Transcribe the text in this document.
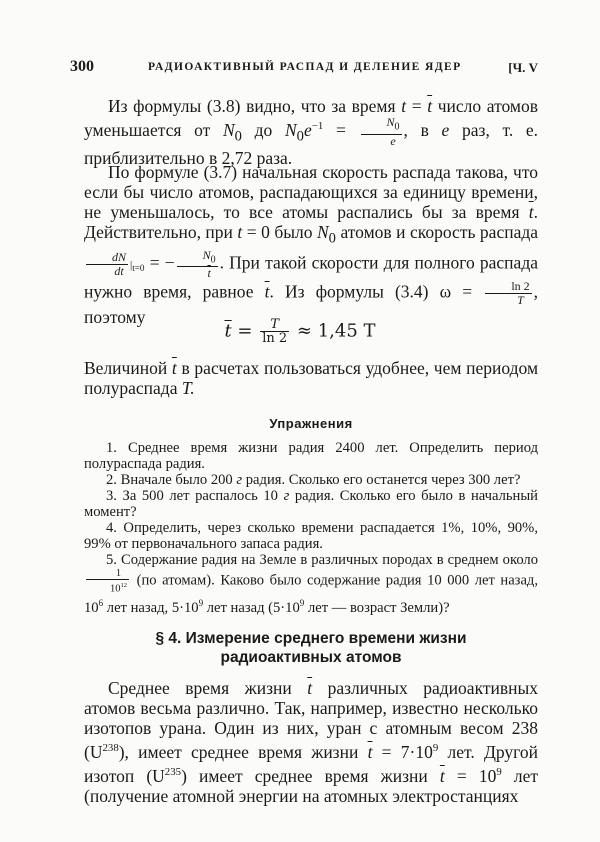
300	РАДИОАКТИВНЫЙ РАСПАД И ДЕЛЕНИЕ ЯДЕР	[Ч. V

Из формулы (3.8) видно, что за время $t = \overline{t}$ число атомов уменьшается от $N_0$ до $N_0e^{-1} = \frac{N_0}{e}$ , в e раз, т. е. приблизительно в 2,72 раза.

По формуле (3.7) начальная скорость распада такова, что если бы число атомов, распадающихся за единицу времени, не уменьшалось, то все атомы распались бы за время $\overline{t}$. Действительно, при t = 0 было $N_0$ атомов и скорость распада
$\frac{dN}{dt} |_{t=0}$ = − $\frac{N_0}{t}$ . При такой скорости для полного распада нужно время, равное $\overline{t}$. Из формулы (3.4) $\omega = \frac{\ln 2}{T}$ , поэтому

$\overline{t} = \frac{T}{\ln 2} \approx 1,45$ T

Величиной $\overline{t}$ в расчетах пользоваться удобнее, чем периодом полураспада T.

Упражнения

1. Среднее время жизни радия 2400 лет. Определить период полураспада радия.

2. Вначале было 200 г радия. Сколько его останется через 300 лет?

3. За 500 лет распалось 10 г радия. Сколько его было в начальный момент?

4. Определить, через сколько времени распадается 1%, 10%, 90%, 99% от первоначального запаса радия.

5. Содержание радия на Земле в различных породах в среднем около
$\frac{1}{10^{12}} (по$ атомам). Каково было содержание радия 10 000 лет назад, $10^6$ лет назад, $5\cdot 10^9$ лет назад ($5\cdot 10^9$ лет — возраст Земли)?

§ 4. Измерение среднего времени жизни
радиоактивных атомов

Среднее время жизни $\overline{t}$ различных радиоактивных атомов весьма различно. Так, например, известно несколько изотопов урана. Один из них, уран с атомным весом 238 $(U^{238})$, имеет среднее время жизни $\overline{t} = 7\cdot 10^9$ лет. Другой изотоп $(U^{235})$ имеет среднее время жизни $\overline{t} = 10^9$ лет (получение атомной энергии на атомных электростанциях
